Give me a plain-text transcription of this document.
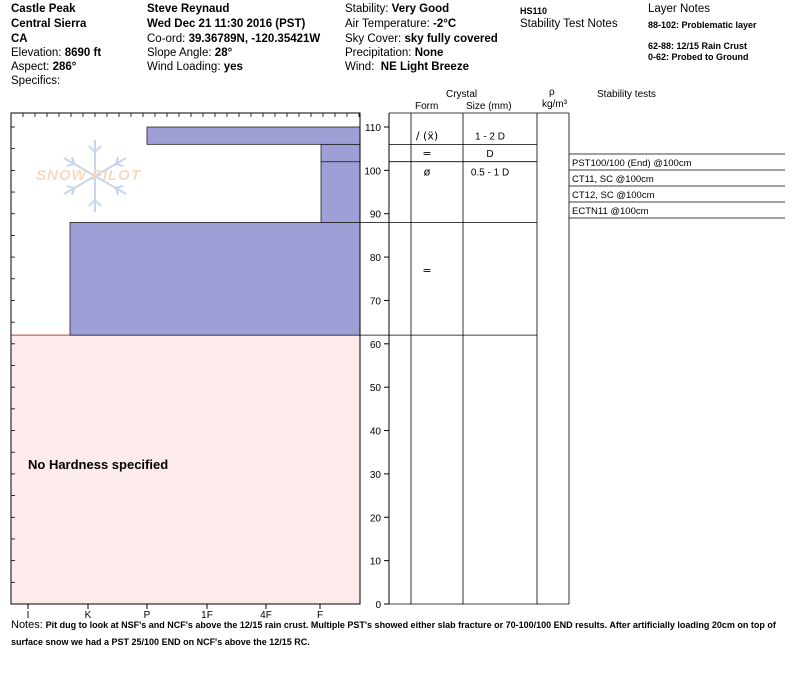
Castle Peak
Central Sierra
CA
Elevation: 8690 ft
Aspect: 286°
Specifics:
Steve Reynaud
Wed Dec 21 11:30 2016 (PST)
Co-ord: 39.36789N, -120.35421W
Slope Angle: 28°
Wind Loading: yes
Stability: Very Good
Air Temperature: -2°C
Sky Cover: sky fully covered
Precipitation: None
Wind: NE Light Breeze
HS110
Stability Test Notes
Layer Notes
88-102: Problematic layer
62-88: 12/15 Rain Crust
0-62: Probed to Ground
Crystal
Form	Size (mm)
ρ
kg/m³
Stability tests
I	K	P	1F	4F	F
0
10
20
30
40
50
60
70
80
90
100
110
/ (ẍ)	1 - 2 D
=	D
ø	0.5 - 1 D
=
PST100/100 (End) @100cm
CT11, SC @100cm
CT12, SC @100cm
ECTN11 @100cm
SNOW PILOT
No Hardness specified
Notes: Pit dug to look at NSF's and NCF's above the 12/15 rain crust. Multiple PST's showed either slab fracture or 70-100/100 END results. After artificially loading 20cm on top of surface snow we had a PST 25/100 END on NCF's above the 12/15 RC.
